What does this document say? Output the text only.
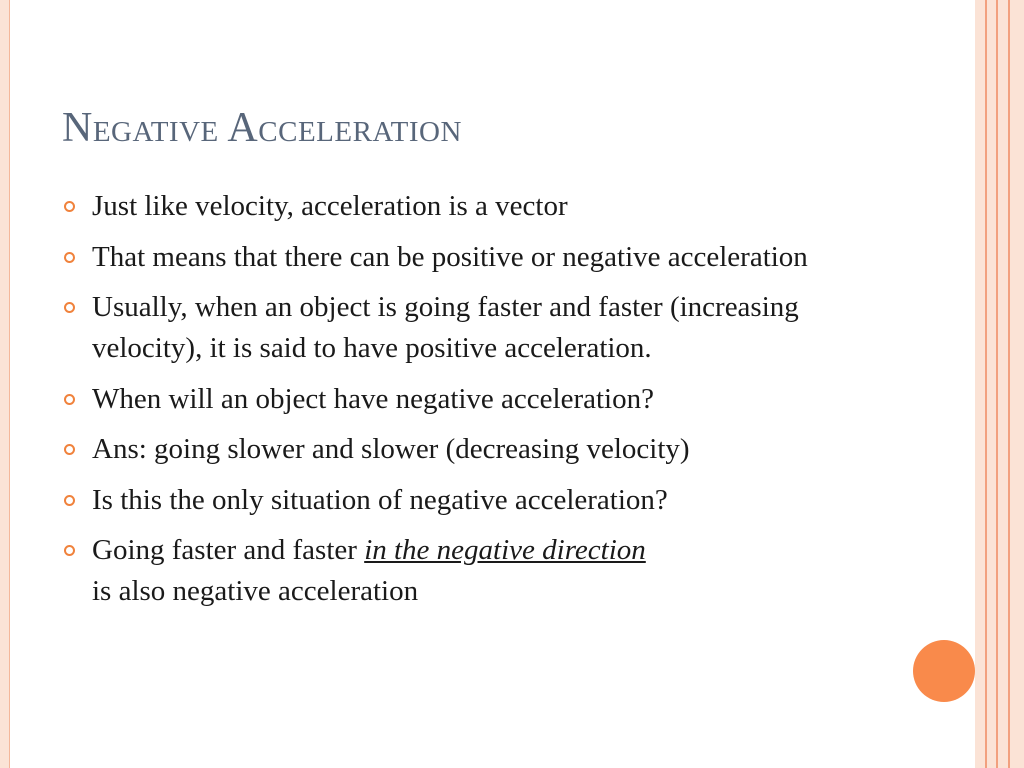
Negative Acceleration
Just like velocity, acceleration is a vector
That means that there can be positive or negative acceleration
Usually, when an object is going faster and faster (increasing velocity), it is said to have positive acceleration.
When will an object have negative acceleration?
Ans: going slower and slower (decreasing velocity)
Is this the only situation of negative acceleration?
Going faster and faster in the negative direction
is also negative acceleration
